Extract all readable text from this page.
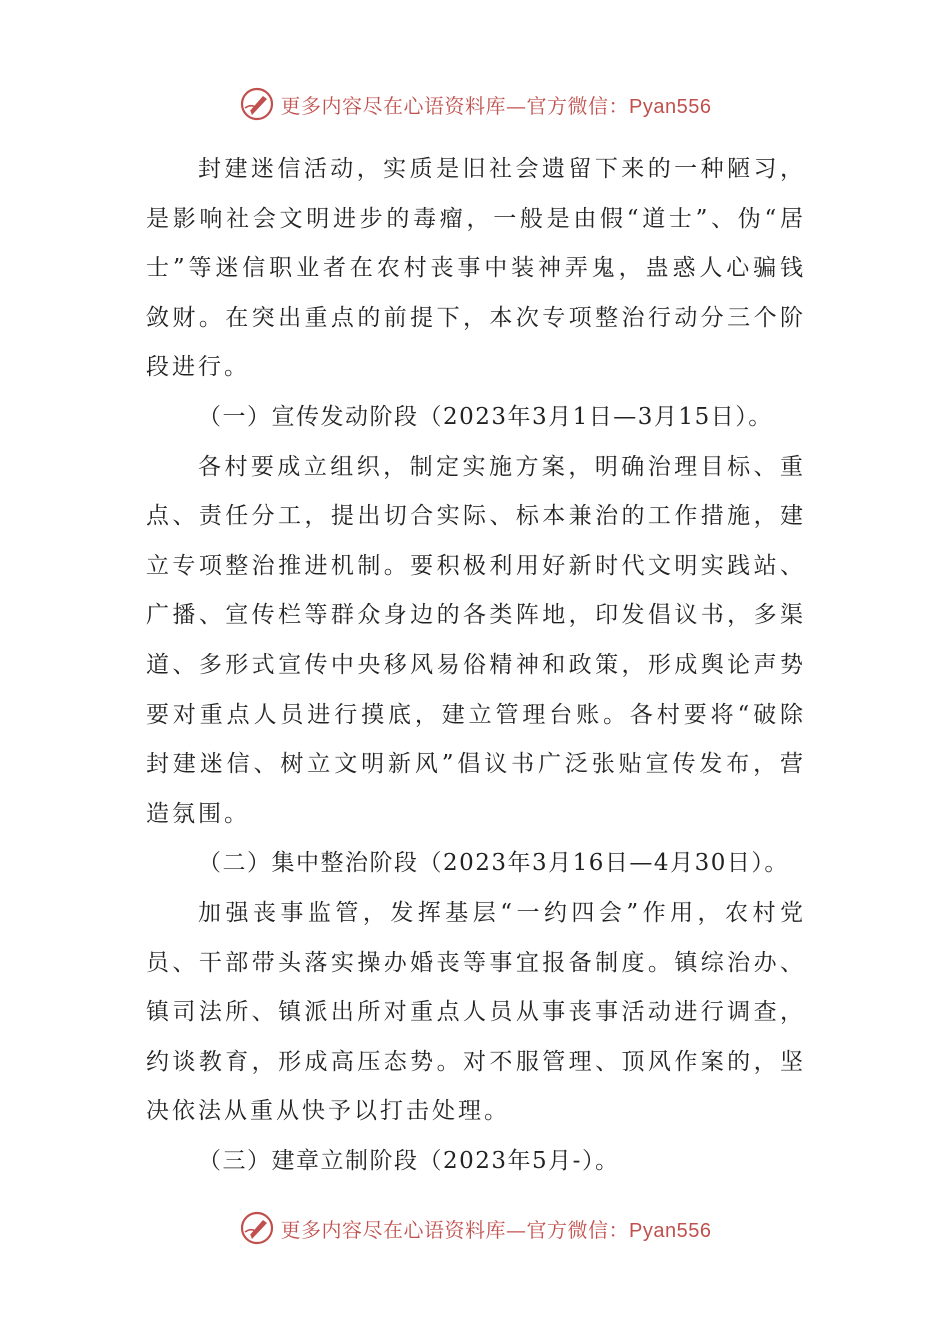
更多内容尽在心语资料库—官方微信：Pyan556

封建迷信活动，实质是旧社会遗留下来的一种陋习，是影响社会文明进步的毒瘤，一般是由假“道士”、伪“居士”等迷信职业者在农村丧事中装神弄鬼，蛊惑人心骗钱敛财。在突出重点的前提下，本次专项整治行动分三个阶段进行。

（一）宣传发动阶段（2023年3月1日—3月15日）。

各村要成立组织，制定实施方案，明确治理目标、重点、责任分工，提出切合实际、标本兼治的工作措施，建立专项整治推进机制。要积极利用好新时代文明实践站、广播、宣传栏等群众身边的各类阵地，印发倡议书，多渠道、多形式宣传中央移风易俗精神和政策，形成舆论声势要对重点人员进行摸底，建立管理台账。各村要将“破除封建迷信、树立文明新风”倡议书广泛张贴宣传发布，营造氛围。

（二）集中整治阶段（2023年3月16日—4月30日）。

加强丧事监管，发挥基层“一约四会”作用，农村党员、干部带头落实操办婚丧等事宜报备制度。镇综治办、镇司法所、镇派出所对重点人员从事丧事活动进行调查，约谈教育，形成高压态势。对不服管理、顶风作案的，坚决依法从重从快予以打击处理。

（三）建章立制阶段（2023年5月-）。

更多内容尽在心语资料库—官方微信：Pyan556
